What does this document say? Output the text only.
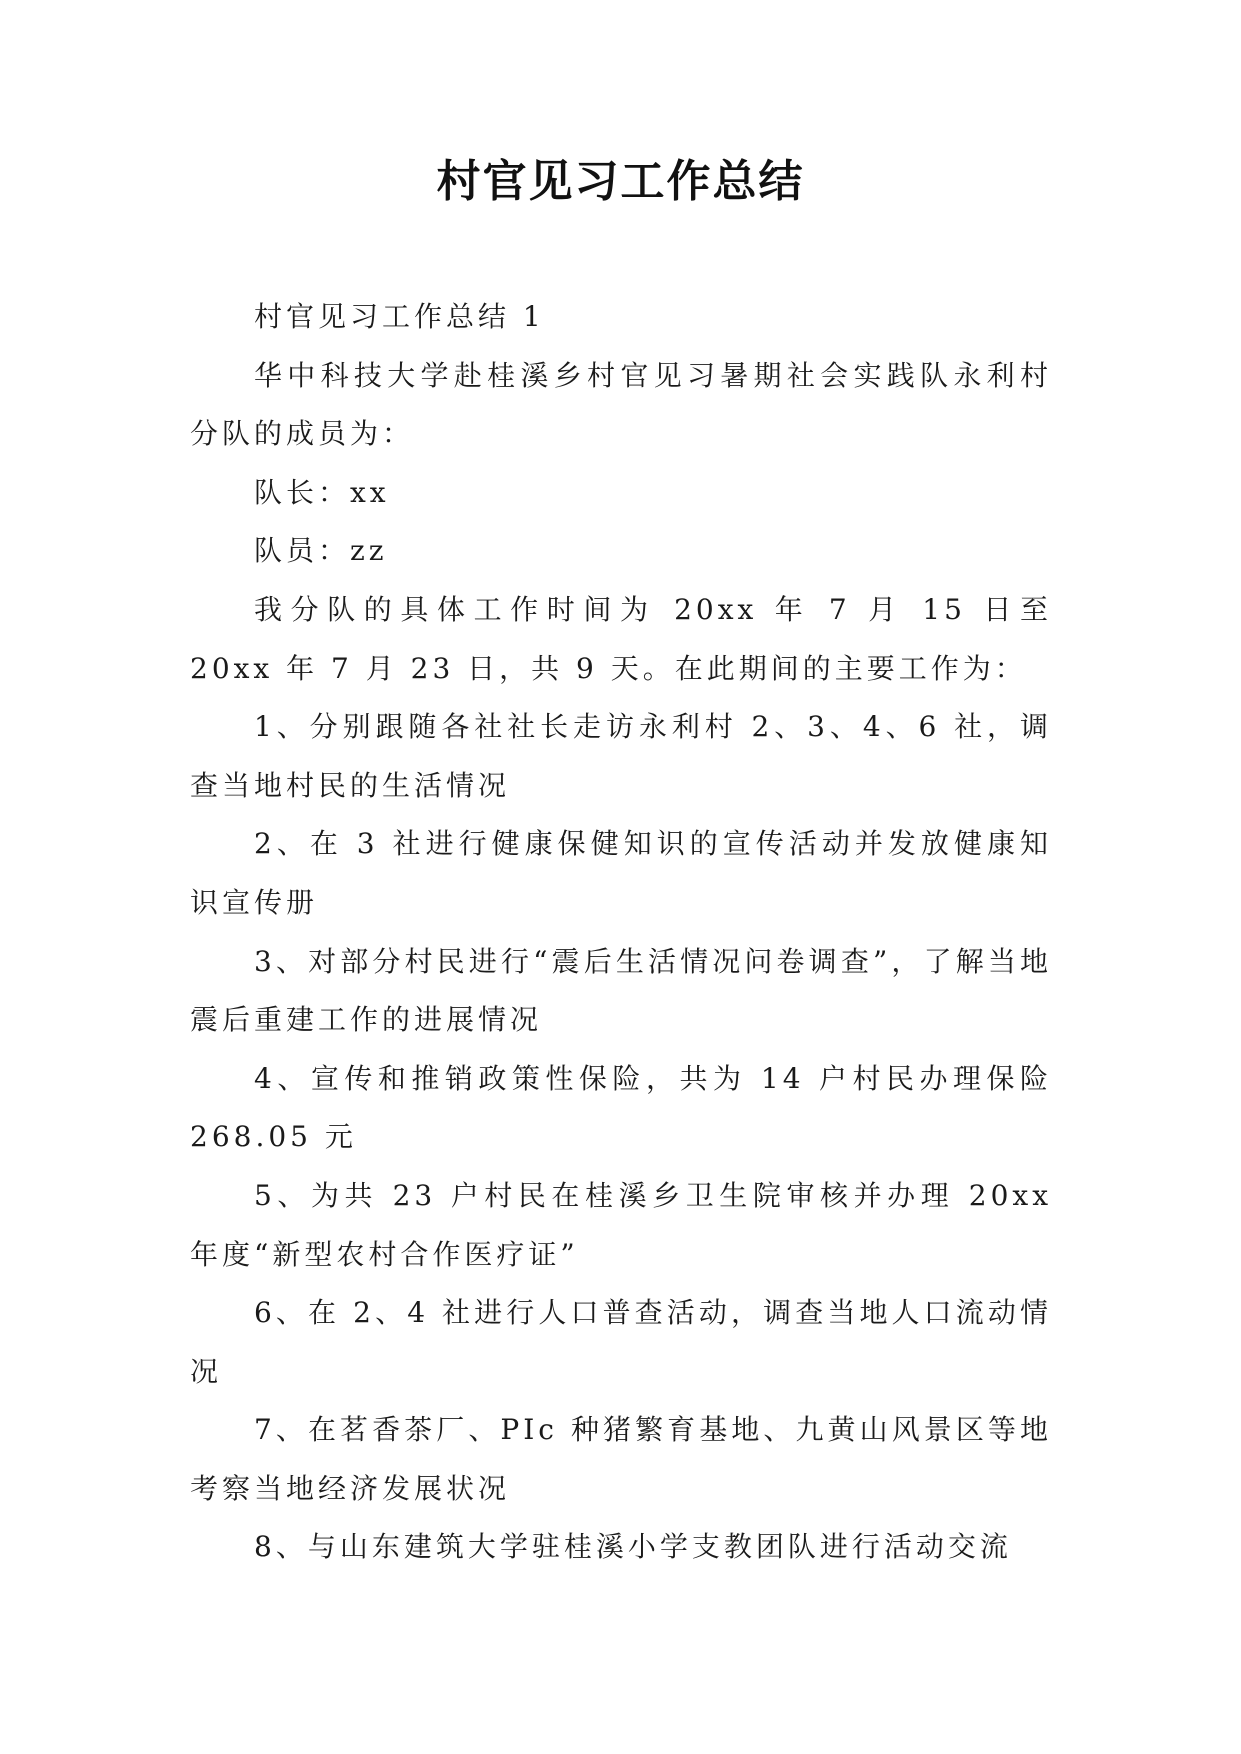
村官见习工作总结

村官见习工作总结 1

华中科技大学赴桂溪乡村官见习暑期社会实践队永利村分队的成员为：

队长：xx

队员：zz

我分队的具体工作时间为 20xx 年 7 月 15 日至 20xx 年 7 月 23 日，共 9 天。在此期间的主要工作为：

1、分别跟随各社社长走访永利村 2、3、4、6 社，调查当地村民的生活情况

2、在 3 社进行健康保健知识的宣传活动并发放健康知识宣传册

3、对部分村民进行“震后生活情况问卷调查”，了解当地震后重建工作的进展情况

4、宣传和推销政策性保险，共为 14 户村民办理保险 268.05 元

5、为共 23 户村民在桂溪乡卫生院审核并办理 20xx 年度“新型农村合作医疗证”

6、在 2、4 社进行人口普查活动，调查当地人口流动情况

7、在茗香茶厂、PIc 种猪繁育基地、九黄山风景区等地考察当地经济发展状况

8、与山东建筑大学驻桂溪小学支教团队进行活动交流
